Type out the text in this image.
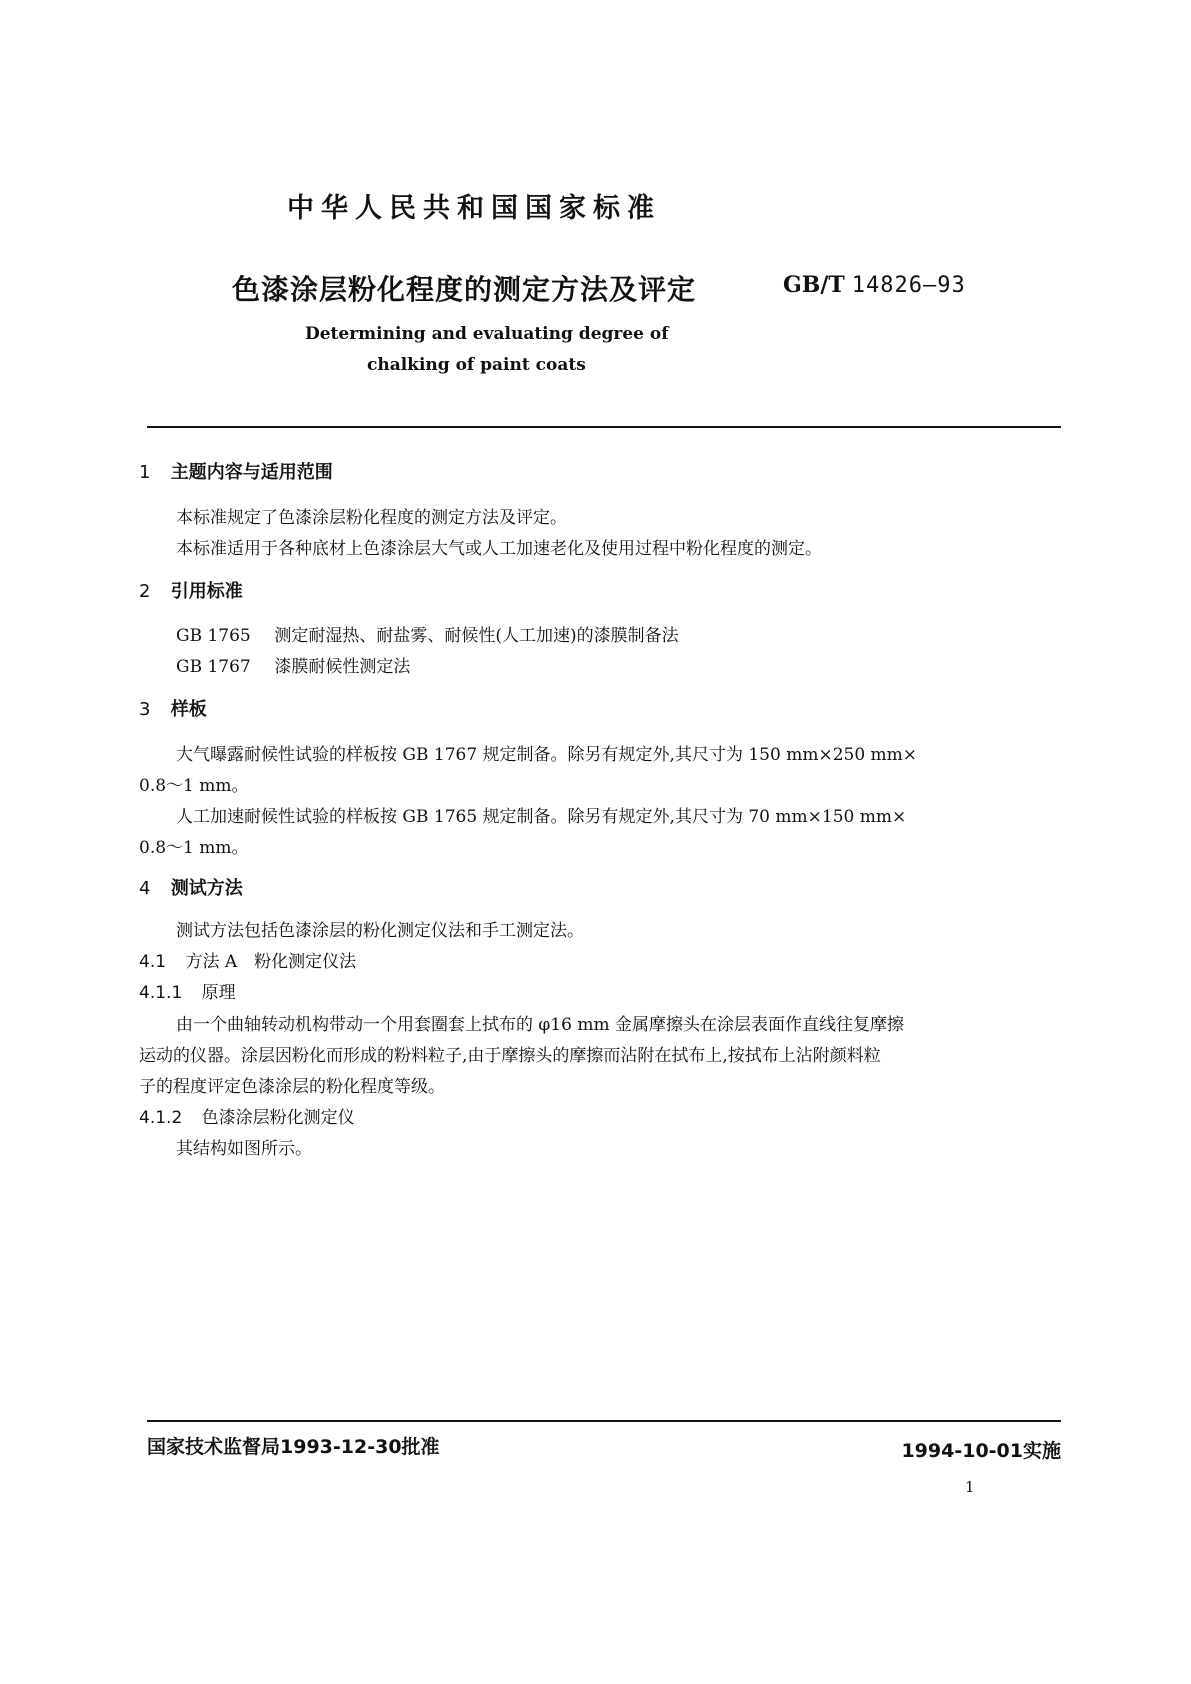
中华人民共和国国家标准
色漆涂层粉化程度的测定方法及评定	GB/T 14826—93
Determining and evaluating degree of
chalking of paint coats
1 主题内容与适用范围
本标准规定了色漆涂层粉化程度的测定方法及评定。
本标准适用于各种底材上色漆涂层大气或人工加速老化及使用过程中粉化程度的测定。
2 引用标准
GB 1765 测定耐湿热、耐盐雾、耐候性(人工加速)的漆膜制备法
GB 1767 漆膜耐候性测定法
3 样板
大气曝露耐候性试验的样板按 GB 1767 规定制备。除另有规定外,其尺寸为 150 mm×250 mm×
0.8～1 mm。
人工加速耐候性试验的样板按 GB 1765 规定制备。除另有规定外,其尺寸为 70 mm×150 mm×
0.8～1 mm。
4 测试方法
测试方法包括色漆涂层的粉化测定仪法和手工测定法。
4.1 方法 A　粉化测定仪法
4.1.1 原理
由一个曲轴转动机构带动一个用套圈套上拭布的 φ16 mm 金属摩擦头在涂层表面作直线往复摩擦
运动的仪器。涂层因粉化而形成的粉料粒子,由于摩擦头的摩擦而沾附在拭布上,按拭布上沾附颜料粒
子的程度评定色漆涂层的粉化程度等级。
4.1.2 色漆涂层粉化测定仪
其结构如图所示。
国家技术监督局1993-12-30批准	1994-10-01实施
1
